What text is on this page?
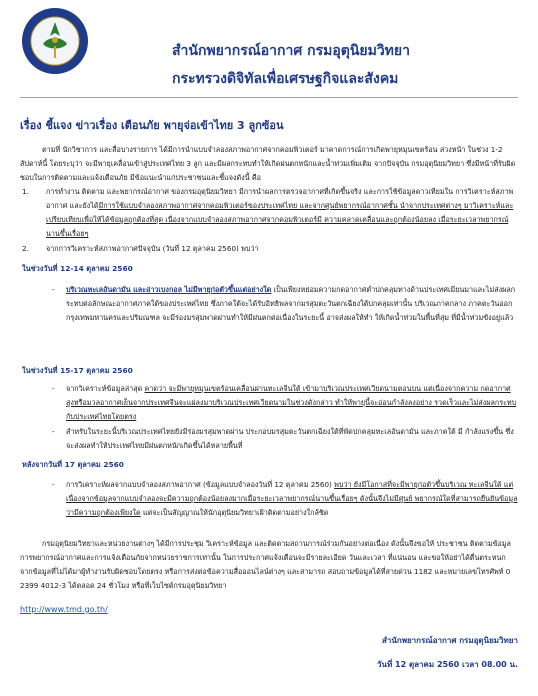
สำนักพยากรณ์อากาศ กรมอุตุนิยมวิทยา
กระทรวงดิจิทัลเพื่อเศรษฐกิจและสังคม
เรื่อง ชี้แจง ข่าวเรื่อง เตือนภัย พายุจ่อเข้าไทย 3 ลูกซ้อน
ตามที่ นักวิชาการ และสื่อบางรายการ ได้มีการนำแบบจำลองสภาพอากาศจากคอมพิวเตอร์ มาคาดการณ์การเกิดพายุหมุนเขตร้อน ล่วงหน้า ในช่วง 1-2 สัปดาห์นี้ โดยระบุว่า จะมีพายุเคลื่อนเข้าสู่ประเทศไทย 3 ลูก และมีผลกระทบทำให้เกิดฝนตกหนักและน้ำท่วมเพิ่มเติม จากปัจจุบัน กรมอุตุนิยมวิทยา ซึ่งมีหน้าที่รับผิดชอบในการติดตามและแจ้งเตือนภัย มีข้อแนะนำแก่ประชาชนและชี้แจงดังนี้ คือ
1. การทำงาน ติดตาม และพยากรณ์อากาศ ของกรมอุตุนิยมวิทยา มีการนำผลการตรวจอากาศที่เกิดขึ้นจริง และการใช้ข้อมูลดาวเทียมใน การวิเคราะห์สภาพอากาศ และยังได้มีการใช้แบบจำลองสภาพอากาศจากคอมพิวเตอร์ของประเทศไทย และจากศูนย์พยากรณ์อากาศชั้น นำจากประเทศต่างๆ มาวิเคราะห์และเปรียบเทียบเพื่อให้ได้ข้อมูลถูกต้องที่สุด เนื่องจากแบบจำลองสภาพอากาศจากคอมพิวเตอร์มี ความคลาดเคลื่อนและถูกต้องน้อยลง เมื่อระยะเวลาพยากรณ์นานขึ้นเรื่อยๆ
2. จากการวิเคราะห์สภาพอากาศปัจจุบัน (วันที่ 12 ตุลาคม 2560) พบว่า
ในช่วงวันที่ 12-14 ตุลาคม 2560
- บริเวณทะเลอันดามัน และอ่าวเบงกอล ไม่มีพายุก่อตัวขึ้นแต่อย่างใด เป็นเพียงหย่อมความกดอากาศต่ำปกคลุมทางด้านประเทศเมียนมาและไม่ส่งผลกระทบต่อลักษณะอากาศภาคใต้ของประเทศไทย ซึ่งภาคใต้จะได้รับอิทธิพลจากมรสุมตะวันตกเฉียงใต้ปกคลุมเท่านั้น บริเวณภาคกลาง ภาคตะวันออก กรุงเทพมหานครและปริมณฑล จะมีร่องมรสุมพาดผ่านทำให้มีฝนตกต่อเนื่องในระยะนี้ อาจส่งผลให้ทำ ให้เกิดน้ำท่วมในพื้นที่ลุ่ม ที่มีน้ำท่วมขังอยู่แล้ว
ในช่วงวันที่ 15-17 ตุลาคม 2560
- จากวิเคราะห์ข้อมูลล่าสุด คาดว่า จะมีพายุหมุนเขตร้อนเคลื่อนผ่านทะเลจีนใต้ เข้ามาบริเวณประเทศเวียดนามตอนบน แต่เนื่องจากความ กดอากาศสูงหรือมวลอากาศเย็นจากประเทศจีนจะแผ่ลงมาบริเวณประเทศเวียดนามในช่วงดังกล่าว ทำให้พายุนี้จะอ่อนกำลังลงอย่าง รวดเร็วและไม่ส่งผลกระทบกับประเทศไทยโดยตรง
- สำหรับในระยะนี้บริเวณประเทศไทยยังมีร่องมรสุมพาดผ่าน ประกอบมรสุมตะวันตกเฉียงใต้ที่พัดปกคลุมทะเลอันดามัน และภาคใต้ มี กำลังแรงขึ้น ซึ่งจะส่งผลทำให้ประเทศไทยมีฝนตกหนักเกิดขึ้นได้หลายพื้นที่
หลังจากวันที่ 17 ตุลาคม 2560
- การวิเคราะห์ผลจากแบบจำลองสภาพอากาศ (ข้อมูลแบบจำลองวันที่ 12 ตุลาคม 2560) พบว่า ยังมีโอกาสที่จะมีพายุก่อตัวขึ้นบริเวณ ทะเลจีนใต้ แต่เนื่องจากข้อมูลจากแบบจำลองจะมีความถูกต้องน้อยลงมากเมื่อระยะเวลาพยากรณ์นานขึ้นเรื่อยๆ ดังนั้นจึงไม่มีศูนย์ พยากรณ์ใดที่สามารถยืนยันข้อมูลว่ามีความถูกต้องเพียงใด แต่จะเป็นสัญญาณให้นักอุตุนิยมวิทยาเฝ้าติดตามอย่างใกล้ชิด
กรมอุตุนิยมวิทยาและหน่วยงานต่างๆ ได้มีการประชุม วิเคราะห์ข้อมูล และติดตามสถานการณ์ร่วมกันอย่างต่อเนื่อง ดังนั้นจึงขอให้ ประชาชน ติดตามข้อมูลการพยากรณ์อากาศและการแจ้งเตือนภัยจากหน่วยราชการเท่านั้น ในการประกาศแจ้งเตือนจะมีรายละเอียด วันและเวลา ที่แน่นอน และขอให้อย่าได้ตื่นตระหนกจากข้อมูลที่ไม่ได้มาผู้ทำงานรับผิดชอบโดยตรง หรือการส่งต่อข้อความสื่อออนไลน์ต่างๆ และสามารถ สอบถามข้อมูลได้ที่สายด่วน 1182 และหมายเลขโทรศัพท์ 0 2399 4012-3 ได้ตลอด 24 ชั่วโมง หรือที่เว็บไซต์กรมอุตุนิยมวิทยา
http://www.tmd.go.th/
สำนักพยากรณ์อากาศ กรมอุตุนิยมวิทยา
วันที่ 12 ตุลาคม 2560 เวลา 08.00 น.
